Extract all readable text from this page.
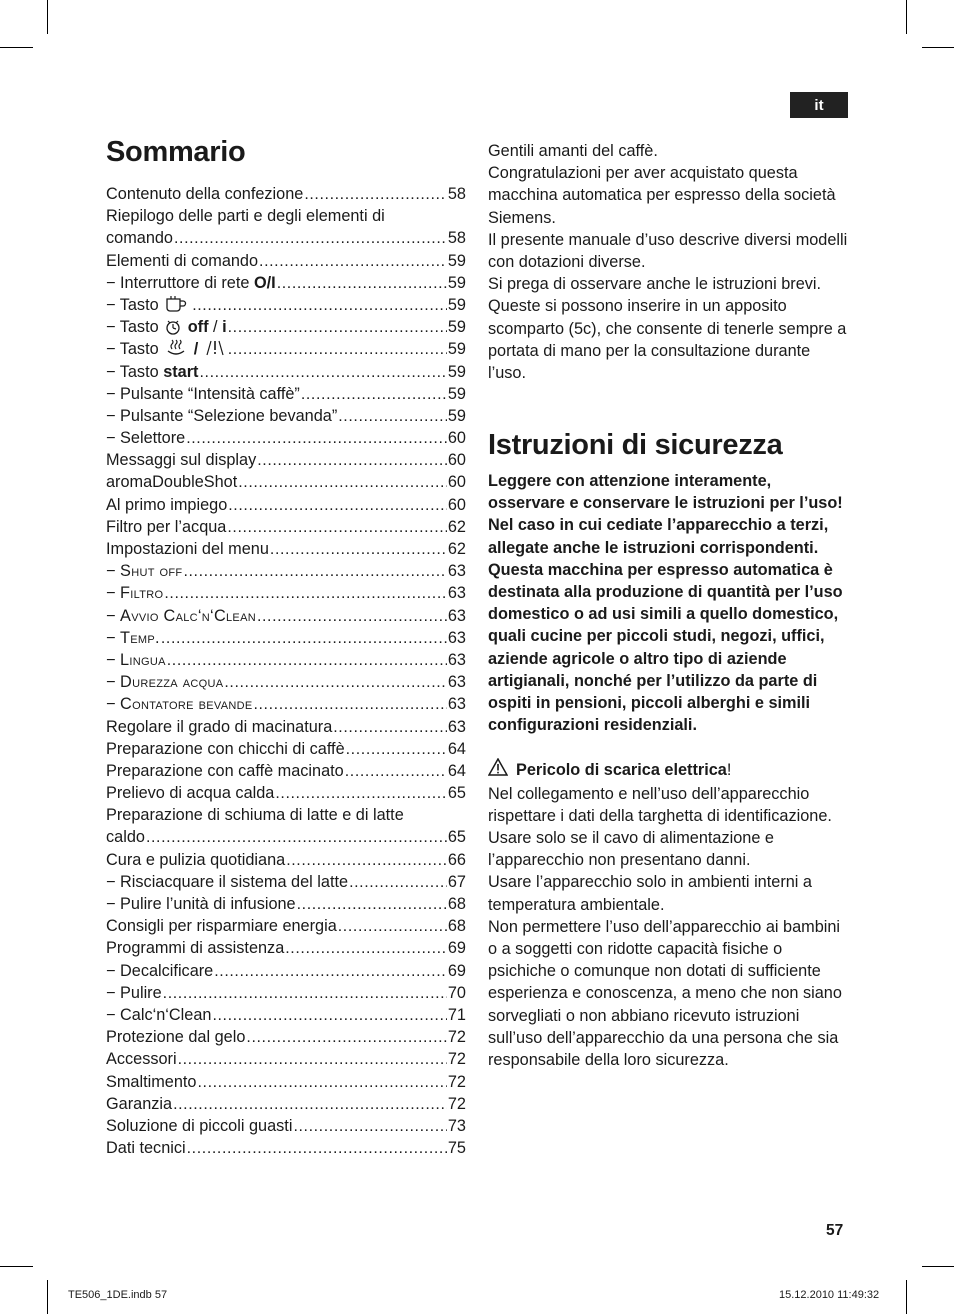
it
Sommario
Contenuto della confezione .....	58
Riepilogo delle parti e degli elementi di
comando .....	58
Elementi di comando .....	59
− Interruttore di rete O/I .....	59
− Tasto .....	59
− Tasto  off / i .....	59
− Tasto  / .....	59
− Tasto start .....	59
− Pulsante “Intensità caffè” .....	59
− Pulsante “Selezione bevanda” .....	59
− Selettore .....	60
Messaggi sul display .....	60
aromaDoubleShot .....	60
Al primo impiego .....	60
Filtro per l’acqua .....	62
Impostazioni del menu .....	62
− Shut off .....	63
− Filtro .....	63
− Avvio Calc‘n‘Clean .....	63
− Temp. .....	63
− Lingua .....	63
− Durezza acqua .....	63
− Contatore bevande .....	63
Regolare il grado di macinatura .....	63
Preparazione con chicchi di caffè .....	64
Preparazione con caffè macinato .....	64
Prelievo di acqua calda .....	65
Preparazione di schiuma di latte e di latte
caldo .....	65
Cura e pulizia quotidiana .....	66
− Risciacquare il sistema del latte .....	67
− Pulire l’unità di infusione .....	68
Consigli per risparmiare energia .....	68
Programmi di assistenza .....	69
− Decalcificare .....	69
− Pulire .....	70
− Calc‘n‘Clean .....	71
Protezione dal gelo .....	72
Accessori .....	72
Smaltimento .....	72
Garanzia .....	72
Soluzione di piccoli guasti .....	73
Dati tecnici .....	75

Gentili amanti del caffè.
Congratulazioni per aver acquistato questa macchina automatica per espresso della società Siemens.
Il presente manuale d’uso descrive diversi modelli con dotazioni diverse.
Si prega di osservare anche le istruzioni brevi. Queste si possono inserire in un apposito scomparto (5c), che consente di tenerle sempre a portata di mano per la consultazione durante l’uso.

Istruzioni di sicurezza

Leggere con attenzione interamente, osservare e conservare le istruzioni per l’uso! Nel caso in cui cediate l’apparecchio a terzi, allegate anche le istruzioni corrispondenti.
Questa macchina per espresso automatica è destinata alla produzione di quantità per l’uso domestico o ad usi simili a quello domestico, quali cucine per piccoli studi, negozi, uffici, aziende agricole o altro tipo di aziende artigianali, nonché per l’utilizzo da parte di ospiti in pensioni, piccoli alberghi e simili configurazioni residenziali.

Pericolo di scarica elettrica !

Nel collegamento e nell’uso dell’apparecchio rispettare i dati della targhetta di identificazione.
Usare solo se il cavo di alimentazione e l’apparecchio non presentano danni.
Usare l’apparecchio solo in ambienti interni a temperatura ambientale.
Non permettere l’uso dell’apparecchio ai bambini o a soggetti con ridotte capacità fisiche o psichiche o comunque non dotati di sufficiente esperienza e conoscenza, a meno che non siano sorvegliati o non abbiano ricevuto istruzioni sull’uso dell’apparecchio da una persona che sia responsabile della loro sicurezza.

57
TE506_1DE.indb 57	15.12.2010 11:49:32
